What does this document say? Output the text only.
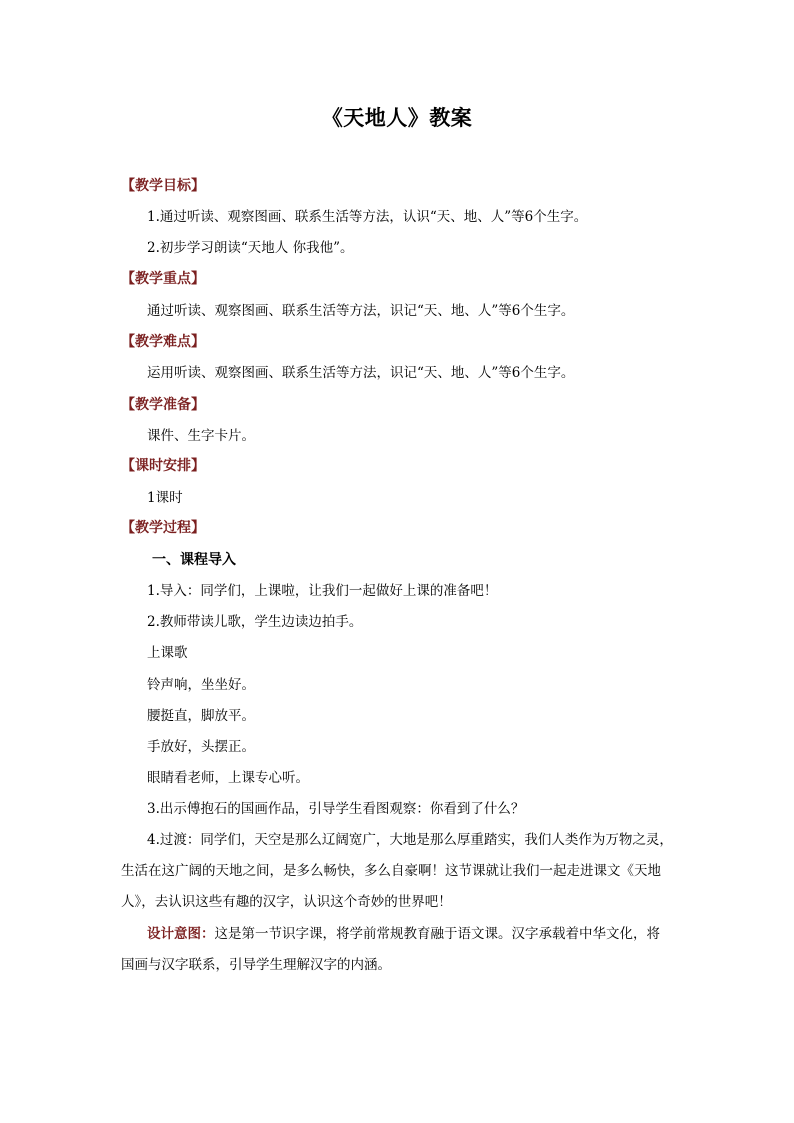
《天地人》教案
【教学目标】
1.通过听读、观察图画、联系生活等方法，认识“天、地、人”等6个生字。
2.初步学习朗读“天地人 你我他”。
【教学重点】
通过听读、观察图画、联系生活等方法，识记“天、地、人”等6个生字。
【教学难点】
运用听读、观察图画、联系生活等方法，识记“天、地、人”等6个生字。
【教学准备】
课件、生字卡片。
【课时安排】
1课时
【教学过程】
一、课程导入
1.导入：同学们，上课啦，让我们一起做好上课的准备吧！
2.教师带读儿歌，学生边读边拍手。
上课歌
铃声响，坐坐好。
腰挺直，脚放平。
手放好，头摆正。
眼睛看老师，上课专心听。
3.出示傅抱石的国画作品，引导学生看图观察：你看到了什么？
4.过渡：同学们，天空是那么辽阔宽广，大地是那么厚重踏实，我们人类作为万物之灵，
生活在这广阔的天地之间，是多么畅快，多么自豪啊！这节课就让我们一起走进课文《天地
人》，去认识这些有趣的汉字，认识这个奇妙的世界吧！
设计意图：这是第一节识字课，将学前常规教育融于语文课。汉字承载着中华文化，将
国画与汉字联系，引导学生理解汉字的内涵。
